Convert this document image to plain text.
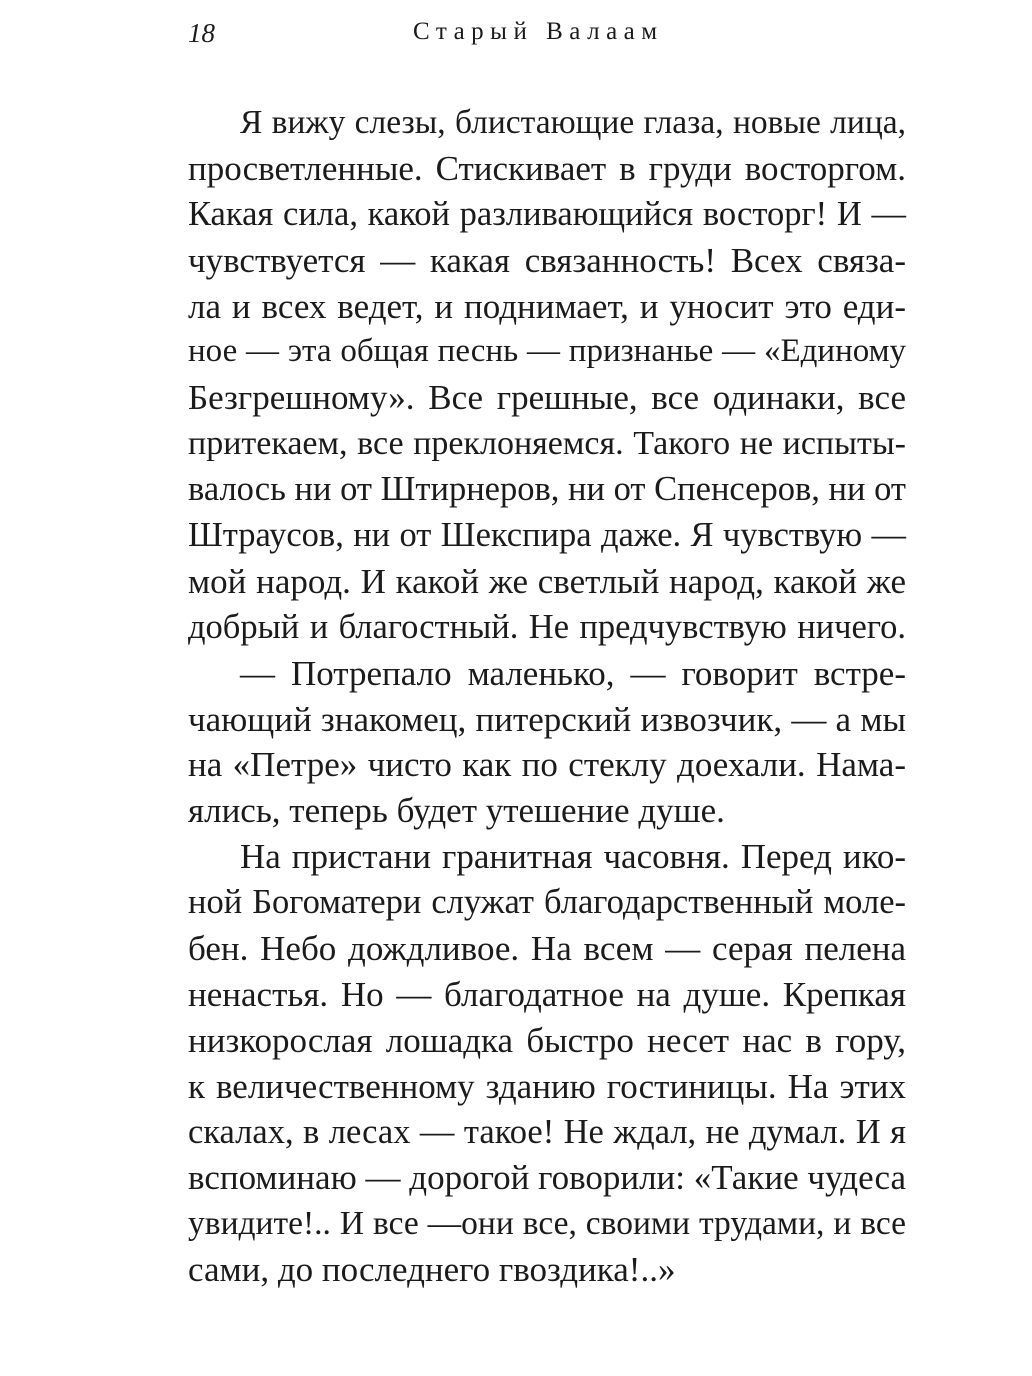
18	Старый Валаам
Я вижу слезы, блистающие глаза, новые лица,
просветленные. Стискивает в груди восторгом.
Какая сила, какой разливающийся восторг! И —
чувствуется — какая связанность! Всех связа-
ла и всех ведет, и поднимает, и уносит это еди-
ное — эта общая песнь — признанье — «Единому
Безгрешному». Все грешные, все одинаки, все
притекаем, все преклоняемся. Такого не испыты-
валось ни от Штирнеров, ни от Спенсеров, ни от
Штраусов, ни от Шекспира даже. Я чувствую —
мой народ. И какой же светлый народ, какой же
добрый и благостный. Не предчувствую ничего.
— Потрепало маленько, — говорит встре-
чающий знакомец, питерский извозчик, — а мы
на «Петре» чисто как по стеклу доехали. Нама-
ялись, теперь будет утешение душе.
На пристани гранитная часовня. Перед ико-
ной Богоматери служат благодарственный моле-
бен. Небо дождливое. На всем — серая пелена
ненастья. Но — благодатное на душе. Крепкая
низкорослая лошадка быстро несет нас в гору,
к величественному зданию гостиницы. На этих
скалах, в лесах — такое! Не ждал, не думал. И я
вспоминаю — дорогой говорили: «Такие чудеса
увидите!.. И все —они все, своими трудами, и все
сами, до последнего гвоздика!..»
